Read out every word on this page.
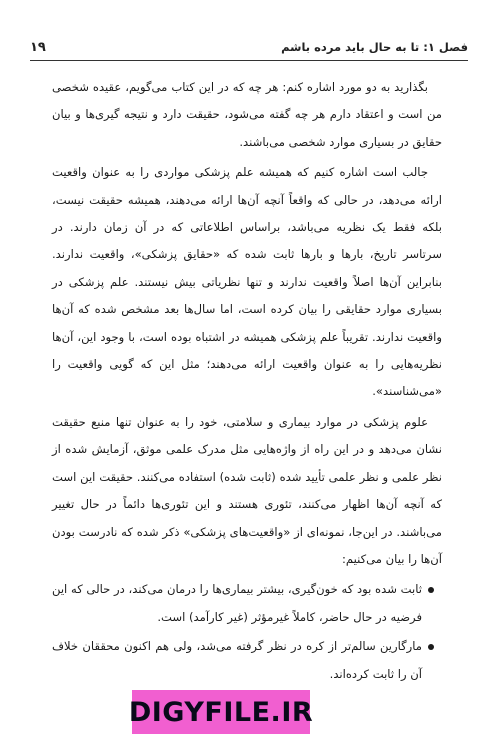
فصل ۱: تا به حال باید مرده باشم
۱۹

بگذارید به دو مورد اشاره کنم: هر چه که در این کتاب می‌گویم، عقیده شخصی من است و اعتقاد دارم هر چه گفته می‌شود، حقیقت دارد و نتیجه گیری‌ها و بیان حقایق در بسیاری موارد شخصی می‌باشند.

جالب است اشاره کنیم که همیشه علم پزشکی مواردی را به عنوان واقعیت ارائه می‌دهد، در حالی که واقعاً آنچه آن‌ها ارائه می‌دهند، همیشه حقیقت نیست، بلکه فقط یک نظریه می‌باشد، براساس اطلاعاتی که در آن زمان دارند. در سرتاسر تاریخ، بارها و بارها ثابت شده که «حقایق پزشکی»، واقعیت ندارند. بنابراین آن‌ها اصلاً واقعیت ندارند و تنها نظریاتی بیش نیستند. علم پزشکی در بسیاری موارد حقایقی را بیان کرده است، اما سال‌ها بعد مشخص شده که آن‌ها واقعیت ندارند. تقریباً علم پزشکی همیشه در اشتباه بوده است، با وجود این، آن‌ها نظریه‌هایی را به عنوان واقعیت ارائه می‌دهند؛ مثل این که گویی واقعیت را «می‌شناسند».

علوم پزشکی در موارد بیماری و سلامتی، خود را به عنوان تنها منبع حقیقت نشان می‌دهد و در این راه از واژه‌هایی مثل مدرک علمی موثق، آزمایش شده از نظر علمی و نظر علمی تأیید شده (ثابت شده) استفاده می‌کنند. حقیقت این است که آنچه آن‌ها اظهار می‌کنند، تئوری هستند و این تئوری‌ها دائماً در حال تغییر می‌باشند. در این‌جا، نمونه‌ای از «واقعیت‌های پزشکی» ذکر شده که نادرست بودن آن‌ها را بیان می‌کنیم:

ثابت شده بود که خون‌گیری، بیشتر بیماری‌ها را درمان می‌کند، در حالی که این فرضیه در حال حاضر، کاملاً غیرمؤثر (غیر کارآمد) است.
مارگارین سالم‌تر از کره در نظر گرفته می‌شد، ولی هم اکنون محققان خلاف آن را ثابت کرده‌اند.
DIGYFILE.IR
